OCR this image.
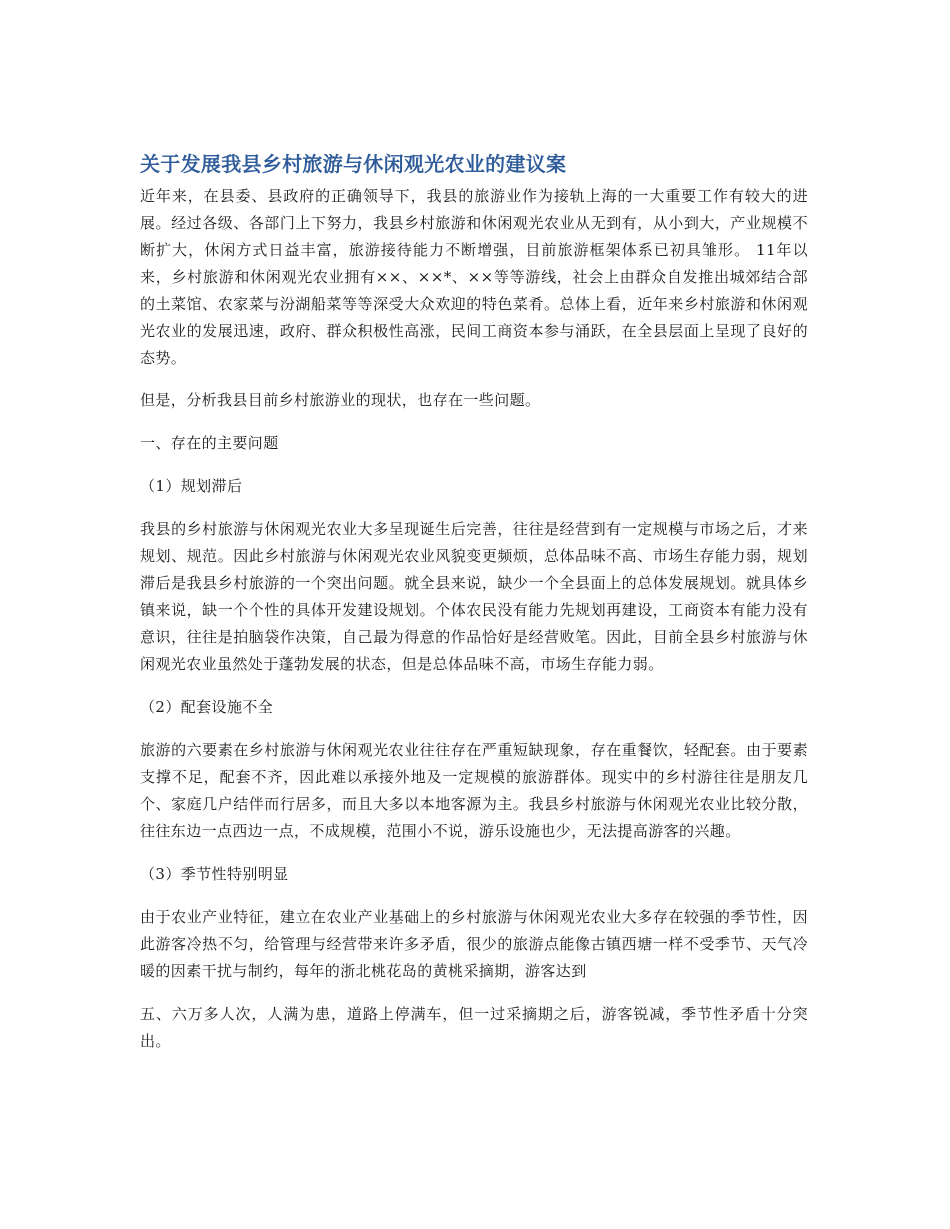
关于发展我县乡村旅游与休闲观光农业的建议案

近年来，在县委、县政府的正确领导下，我县的旅游业作为接轨上海的一大重要工作有较大的进展。经过各级、各部门上下努力，我县乡村旅游和休闲观光农业从无到有，从小到大，产业规模不断扩大，休闲方式日益丰富，旅游接待能力不断增强，目前旅游框架体系已初具雏形。 11年以来，乡村旅游和休闲观光农业拥有××、××*、××等等游线，社会上由群众自发推出城郊结合部的土菜馆、农家菜与汾湖船菜等等深受大众欢迎的特色菜肴。总体上看，近年来乡村旅游和休闲观光农业的发展迅速，政府、群众积极性高涨，民间工商资本参与涌跃，在全县层面上呈现了良好的态势。

但是，分析我县目前乡村旅游业的现状，也存在一些问题。

一、存在的主要问题

（1）规划滞后

我县的乡村旅游与休闲观光农业大多呈现诞生后完善，往往是经营到有一定规模与市场之后，才来规划、规范。因此乡村旅游与休闲观光农业风貌变更频烦，总体品味不高、市场生存能力弱，规划滞后是我县乡村旅游的一个突出问题。就全县来说，缺少一个全县面上的总体发展规划。就具体乡镇来说，缺一个个性的具体开发建设规划。个体农民没有能力先规划再建设，工商资本有能力没有意识，往往是拍脑袋作决策，自己最为得意的作品恰好是经营败笔。因此，目前全县乡村旅游与休闲观光农业虽然处于蓬勃发展的状态，但是总体品味不高，市场生存能力弱。

（2）配套设施不全

旅游的六要素在乡村旅游与休闲观光农业往往存在严重短缺现象，存在重餐饮，轻配套。由于要素支撑不足，配套不齐，因此难以承接外地及一定规模的旅游群体。现实中的乡村游往往是朋友几个、家庭几户结伴而行居多，而且大多以本地客源为主。我县乡村旅游与休闲观光农业比较分散，往往东边一点西边一点，不成规模，范围小不说，游乐设施也少，无法提高游客的兴趣。

（3）季节性特别明显

由于农业产业特征，建立在农业产业基础上的乡村旅游与休闲观光农业大多存在较强的季节性，因此游客冷热不匀，给管理与经营带来许多矛盾，很少的旅游点能像古镇西塘一样不受季节、天气冷暖的因素干扰与制约，每年的浙北桃花岛的黄桃采摘期，游客达到

五、六万多人次，人满为患，道路上停满车，但一过采摘期之后，游客锐减，季节性矛盾十分突出。
